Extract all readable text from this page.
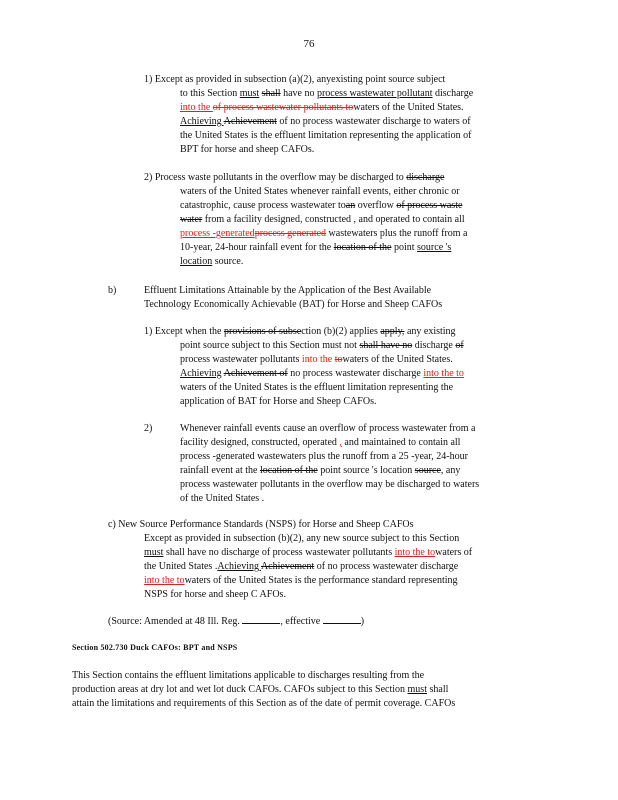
76

1) Except as provided in subsection (a)(2), anyexisting point source subject

to this Section must shall have no process wastewater pollutant discharge

into the of process wastewater pollutants towaters of the United States.

Achieving Achievement of no process wastewater discharge to waters of

the United States is the effluent limitation representing the application of

BPT for horse and sheep CAFOs.

2) Process waste pollutants in the overflow may be discharged to discharge

waters of the United States whenever rainfall events, either chronic or

catastrophic, cause process wastewater toan overflow of process waste

water from a facility designed, constructed , and operated to contain all

process -generatedprocess generated wastewaters plus the runoff from a

10-year, 24-hour rainfall event for the location of the point source 's

location source.

b)	Effluent Limitations Attainable by the Application of the Best Available

Technology Economically Achievable (BAT) for Horse and Sheep CAFOs

1) Except when the provisions of subsection (b)(2) applies apply, any existing

point source subject to this Section must not shall have no discharge of

process wastewater pollutants into the towaters of the United States.

Achieving Achievement of no process wastewater discharge into the to

waters of the United States is the effluent limitation representing the

application of BAT for Horse and Sheep CAFOs.

2)	Whenever rainfall events cause an overflow of process wastewater from a

facility designed, constructed, operated , and maintained to contain all

process -generated wastewaters plus the runoff from a 25 -year, 24-hour

rainfall event at the location of the point source 's location source, any

process wastewater pollutants in the overflow may be discharged to waters

of the United States .

c) New Source Performance Standards (NSPS) for Horse and Sheep CAFOs

Except as provided in subsection (b)(2), any new source subject to this Section

must shall have no discharge of process wastewater pollutants into the towaters of

the United States .Achieving Achievement of no process wastewater discharge

into the towaters of the United States is the performance standard representing

NSPS for horse and sheep C AFOs.

(Source: Amended at 48 Ill. Reg.	, effective	)

Section 502.730 Duck CAFOs: BPT and NSPS

This Section contains the effluent limitations applicable to discharges resulting from the

production areas at dry lot and wet lot duck CAFOs. CAFOs subject to this Section must shall

attain the limitations and requirements of this Section as of the date of permit coverage. CAFOs
